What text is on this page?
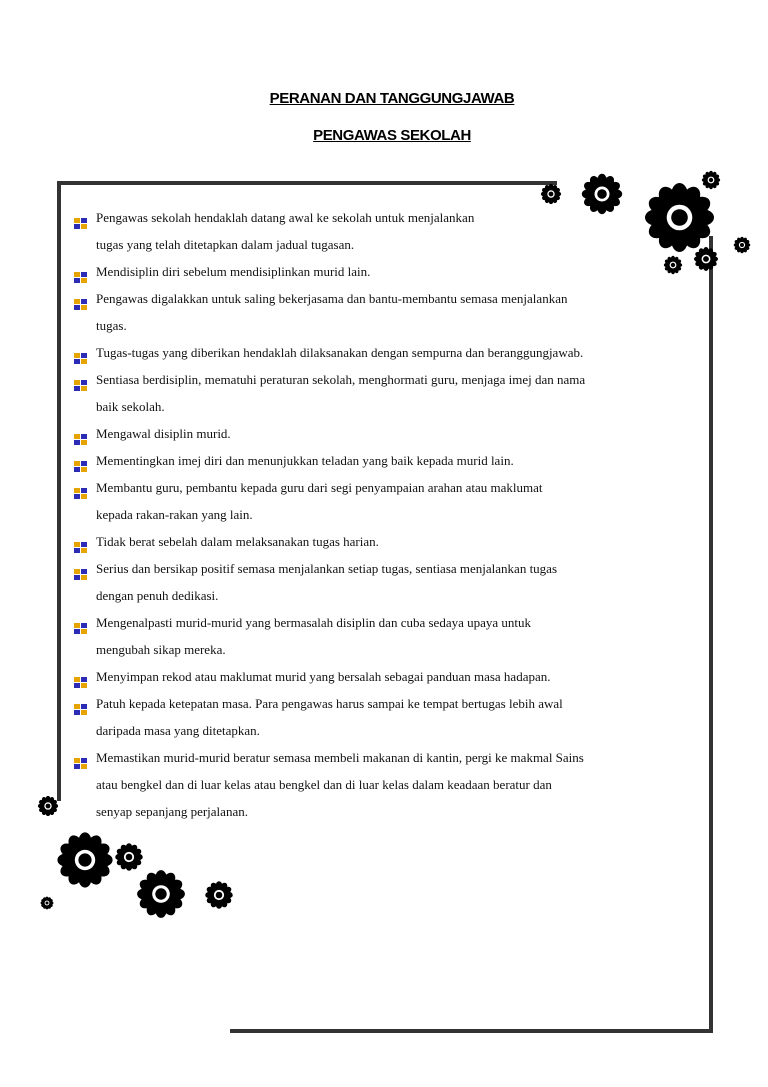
PERANAN DAN TANGGUNGJAWAB
PENGAWAS SEKOLAH
Pengawas sekolah hendaklah datang awal ke sekolah untuk menjalankan
tugas yang telah ditetapkan dalam jadual tugasan.
Mendisiplin diri sebelum mendisiplinkan murid lain.
Pengawas digalakkan untuk saling bekerjasama dan bantu-membantu semasa menjalankan
tugas.
Tugas-tugas yang diberikan hendaklah dilaksanakan dengan sempurna dan beranggungjawab.
Sentiasa berdisiplin, mematuhi peraturan sekolah, menghormati guru, menjaga imej dan nama
baik sekolah.
Mengawal disiplin murid.
Mementingkan imej diri dan menunjukkan teladan yang baik kepada murid lain.
Membantu guru, pembantu kepada guru dari segi penyampaian arahan atau maklumat
kepada rakan-rakan yang lain.
Tidak berat sebelah dalam melaksanakan tugas harian.
Serius dan bersikap positif semasa menjalankan setiap tugas, sentiasa menjalankan tugas
dengan penuh dedikasi.
Mengenalpasti murid-murid yang bermasalah disiplin dan cuba sedaya upaya untuk
mengubah sikap mereka.
Menyimpan rekod atau maklumat murid yang bersalah sebagai panduan masa hadapan.
Patuh kepada ketepatan masa. Para pengawas harus sampai ke tempat bertugas lebih awal
daripada masa yang ditetapkan.
Memastikan murid-murid beratur semasa membeli makanan di kantin, pergi ke makmal Sains
atau bengkel dan di luar kelas atau bengkel dan di luar kelas dalam keadaan beratur dan
senyap sepanjang perjalanan.
